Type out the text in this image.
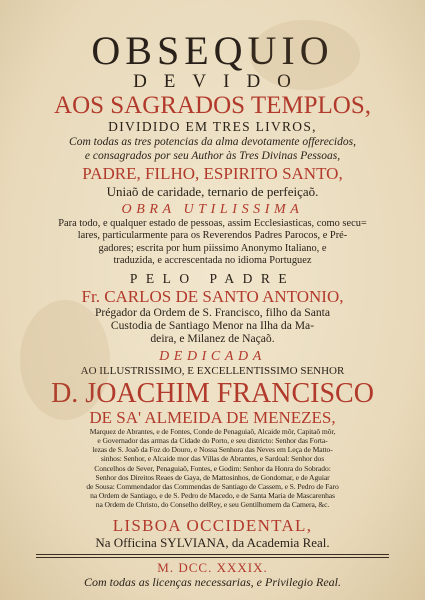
OBSEQUIO
DEVIDO
AOS SAGRADOS TEMPLOS,
DIVIDIDO EM TRES LIVROS,
Com todas as tres potencias da alma devotamente offerecidos,
e consagrados por seu Author às Tres Divinas Pessoas,
PADRE, FILHO, ESPIRITO SANTO,
Uniaõ de caridade, ternario de perfeiçaõ.
OBRA UTILISSIMA
Para todo, e qualquer estado de pessoas, assim Ecclesiasticas, como secu=
lares, particularmente para os Reverendos Padres Parocos, e Pré-
gadores; escrita por hum piissimo Anonymo Italiano, e
traduzida, e accrescentada no idioma Portuguez
PELO PADRE
Fr. CARLOS DE SANTO ANTONIO,
Prégador da Ordem de S. Francisco, filho da Santa
Custodia de Santiago Menor na Ilha da Ma-
deira, e Milanez de Naçaõ.
DEDICADA
AO ILLUSTRISSIMO, E EXCELLENTISSIMO SENHOR
D. JOACHIM FRANCISCO
DE SA' ALMEIDA DE MENEZES,
Marquez de Abrantes, e de Fontes, Conde de Penaguiaõ, Alcaide môr, Capitaõ môr,
e Governador das armas da Cidade do Porto, e seu districto: Senhor das Forta-
lezas de S. Joaõ da Foz do Douro, e Nossa Senhora das Neves em Leça de Matto-
sinhos: Senhor, e Alcaide mor das Villas de Abrantes, e Sardoal: Senhor dos
Concelhos de Sever, Penaguiaõ, Fontes, e Godim: Senhor da Honra do Sobrado:
Senhor dos Direitos Reaes de Gaya, de Mattosinhos, de Gondomar, e de Aguiar
de Sousa: Commendador das Commendas de Santiago de Cassem, e S. Pedro de Faro
na Ordem de Santiago, e de S. Pedro de Macedo, e de Santa Maria de Mascarenhas
na Ordem de Christo, do Conselho delRey, e seu Gentilhomem da Camera, &c.
LISBOA OCCIDENTAL,
Na Officina SYLVIANA, da Academia Real.
M. DCC. XXXIX.
Com todas as licenças necessarias, e Privilegio Real.
